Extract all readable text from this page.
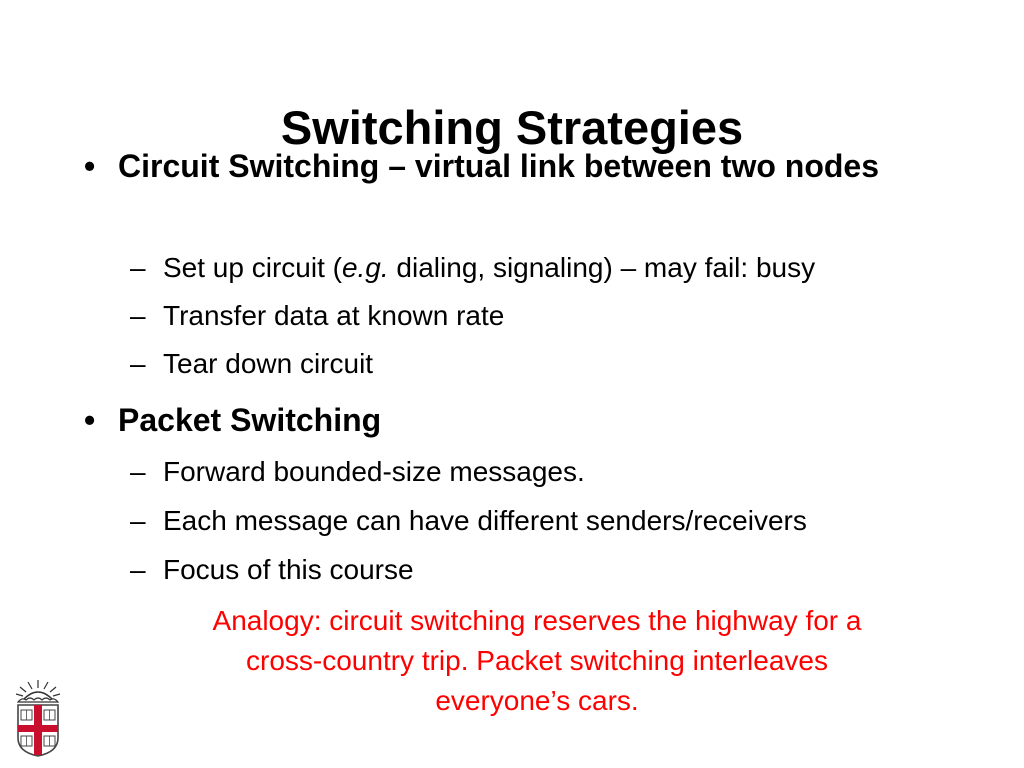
Switching Strategies
• Circuit Switching – virtual link between two nodes
– Set up circuit (e.g. dialing, signaling) – may fail: busy
– Transfer data at known rate
– Tear down circuit
• Packet Switching
– Forward bounded-size messages.
– Each message can have different senders/receivers
– Focus of this course
Analogy: circuit switching reserves the highway for a
cross-country trip. Packet switching interleaves
everyone’s cars.
